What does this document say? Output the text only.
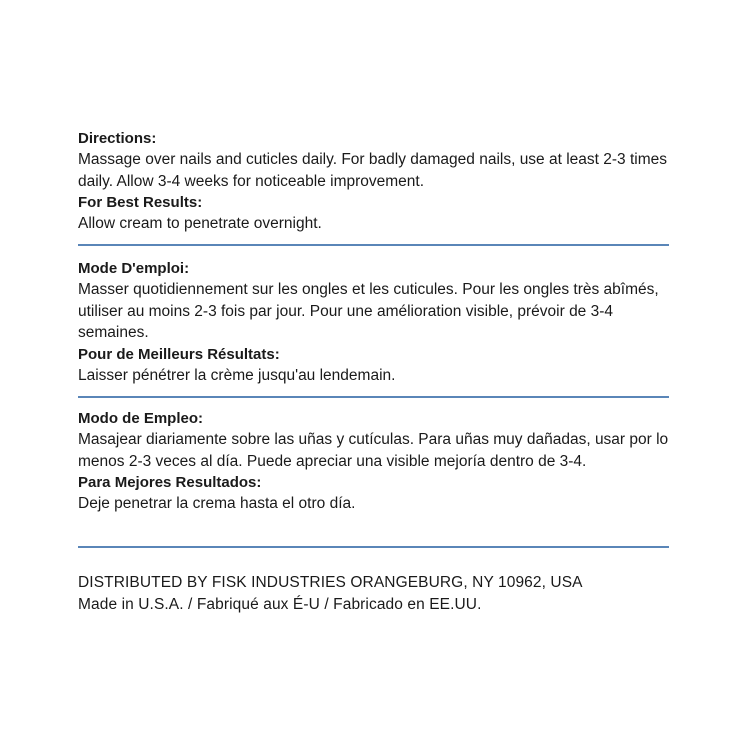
Directions:

Massage over nails and cuticles daily. For badly damaged nails, use at least 2-3 times daily. Allow 3-4 weeks for noticeable improvement.

For Best Results:

Allow cream to penetrate overnight.

Mode D'emploi:

Masser quotidiennement sur les ongles et les cuticules. Pour les ongles très abîmés, utiliser au moins 2-3 fois par jour. Pour une amélioration visible, prévoir de 3-4 semaines.

Pour de Meilleurs Résultats:

Laisser pénétrer la crème jusqu'au lendemain.

Modo de Empleo:

Masajear diariamente sobre las uñas y cutículas. Para uñas muy dañadas, usar por lo menos 2-3 veces al día. Puede apreciar una visible mejoría dentro de 3-4.

Para Mejores Resultados:

Deje penetrar la crema hasta el otro día.

DISTRIBUTED BY FISK INDUSTRIES ORANGEBURG, NY 10962, USA

Made in U.S.A. / Fabriqué aux É-U / Fabricado en EE.UU.
